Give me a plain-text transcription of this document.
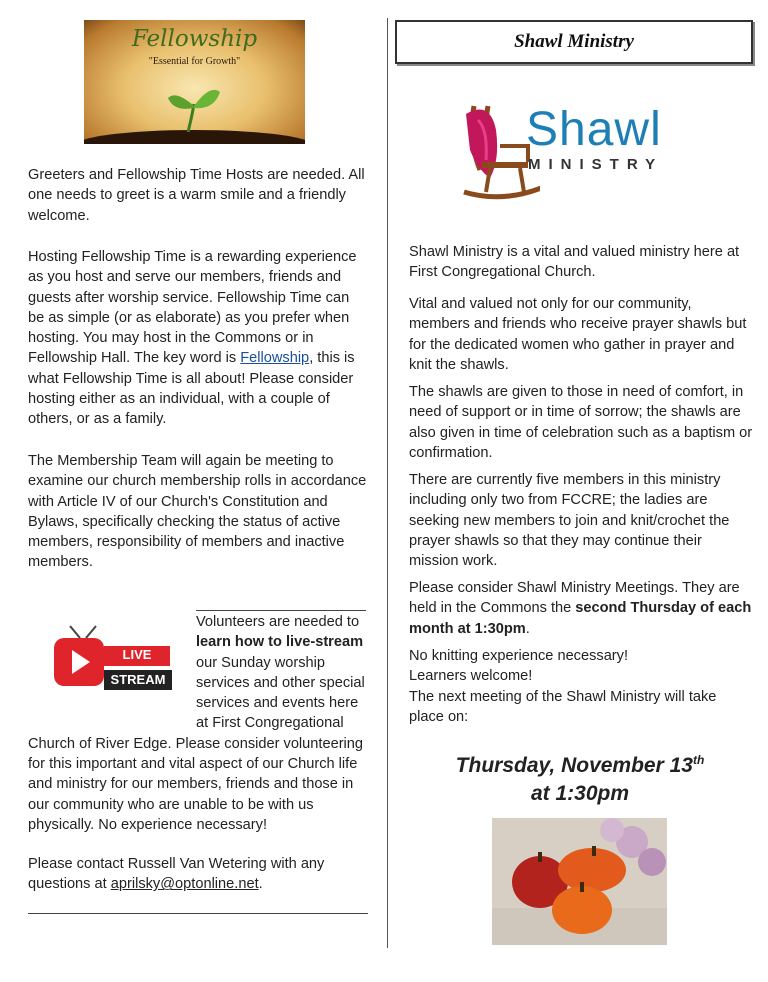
Fellowship
"Essential for Growth"

Greeters and Fellowship Time Hosts are needed. All one needs to greet is a warm smile and a friendly welcome.

Hosting Fellowship Time is a rewarding experience as you host and serve our members, friends and guests after worship service. Fellowship Time can be as simple (or as elaborate) as you prefer when hosting. You may host in the Commons or in Fellowship Hall. The key word is Fellowship, this is what Fellowship Time is all about! Please consider hosting either as an individual, with a couple of others, or as a family.

The Membership Team will again be meeting to examine our church membership rolls in accordance with Article IV of our Church's Constitution and Bylaws, specifically checking the status of active members, responsibility of members and inactive members.

LIVE
STREAM
Volunteers are needed to learn how to live-stream our Sunday worship services and other special services and events here at First Congregational Church of River Edge. Please consider volunteering for this important and vital aspect of our Church life and ministry for our members, friends and those in our community who are unable to be with us physically. No experience necessary!

Please contact Russell Van Wetering with any questions at aprilsky@optonline.net.

Shawl Ministry
Shawl
MINISTRY

Shawl Ministry is a vital and valued ministry here at First Congregational Church.

Vital and valued not only for our community, members and friends who receive prayer shawls but for the dedicated women who gather in prayer and knit the shawls.

The shawls are given to those in need of comfort, in need of support or in time of sorrow; the shawls are also given in time of celebration such as a baptism or confirmation.

There are currently five members in this ministry including only two from FCCRE; the ladies are seeking new members to join and knit/crochet the prayer shawls so that they may continue their mission work.

Please consider Shawl Ministry Meetings. They are held in the Commons the second Thursday of each month at 1:30pm.

No knitting experience necessary!
Learners welcome!
The next meeting of the Shawl Ministry will take place on:
Thursday, November 13th
at 1:30pm
